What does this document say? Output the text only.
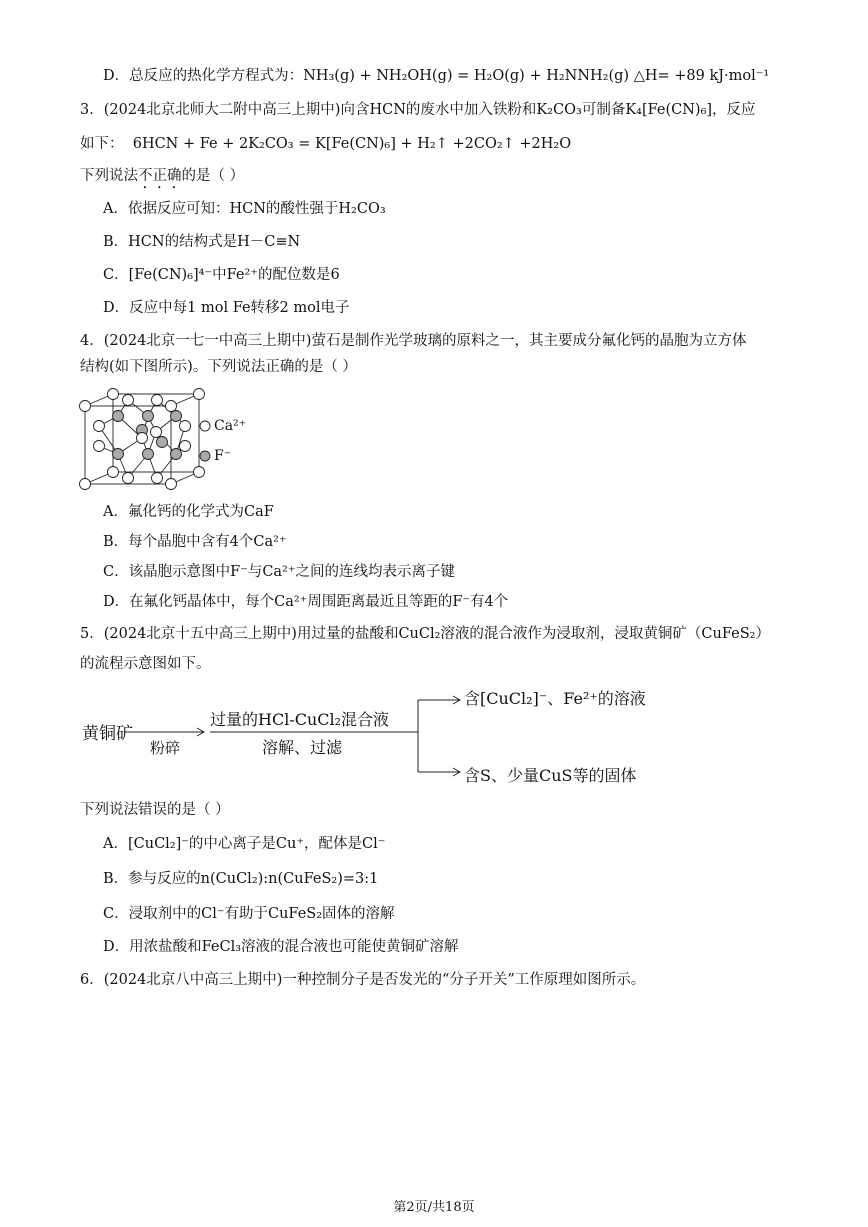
D．总反应的热化学方程式为：NH₃(g) + NH₂OH(g) = H₂O(g) + H₂NNH₂(g) △H= +89 kJ·mol⁻¹
3．(2024北京北师大二附中高三上期中)向含HCN的废水中加入铁粉和K₂CO₃可制备K₄[Fe(CN)₆]，反应
如下： 6HCN + Fe + 2K₂CO₃ = K[Fe(CN)₆] + H₂↑ +2CO₂↑ +2H₂O
下列说法不正确的是（ ）
A．依据反应可知：HCN的酸性强于H₂CO₃
B．HCN的结构式是H－C≡N
C．[Fe(CN)₆]⁴⁻中Fe²⁺的配位数是6
D．反应中每1 mol Fe转移2 mol电子
4．(2024北京一七一中高三上期中)萤石是制作光学玻璃的原料之一，其主要成分氟化钙的晶胞为立方体
结构(如下图所示)。下列说法正确的是（ ）
Ca²⁺
F⁻
A．氟化钙的化学式为CaF
B．每个晶胞中含有4个Ca²⁺
C．该晶胞示意图中F⁻与Ca²⁺之间的连线均表示离子键
D．在氟化钙晶体中，每个Ca²⁺周围距离最近且等距的F⁻有4个
5．(2024北京十五中高三上期中)用过量的盐酸和CuCl₂溶液的混合液作为浸取剂，浸取黄铜矿（CuFeS₂）
的流程示意图如下。
黄铜矿
粉碎
过量的HCl-CuCl₂混合液
溶解、过滤
含[CuCl₂]⁻、Fe²⁺的溶液
含S、少量CuS等的固体
下列说法错误的是（ ）
A．[CuCl₂]⁻的中心离子是Cu⁺，配体是Cl⁻
B．参与反应的n(CuCl₂):n(CuFeS₂)=3:1
C．浸取剂中的Cl⁻有助于CuFeS₂固体的溶解
D．用浓盐酸和FeCl₃溶液的混合液也可能使黄铜矿溶解
6．(2024北京八中高三上期中)一种控制分子是否发光的“分子开关”工作原理如图所示。
第2页/共18页
